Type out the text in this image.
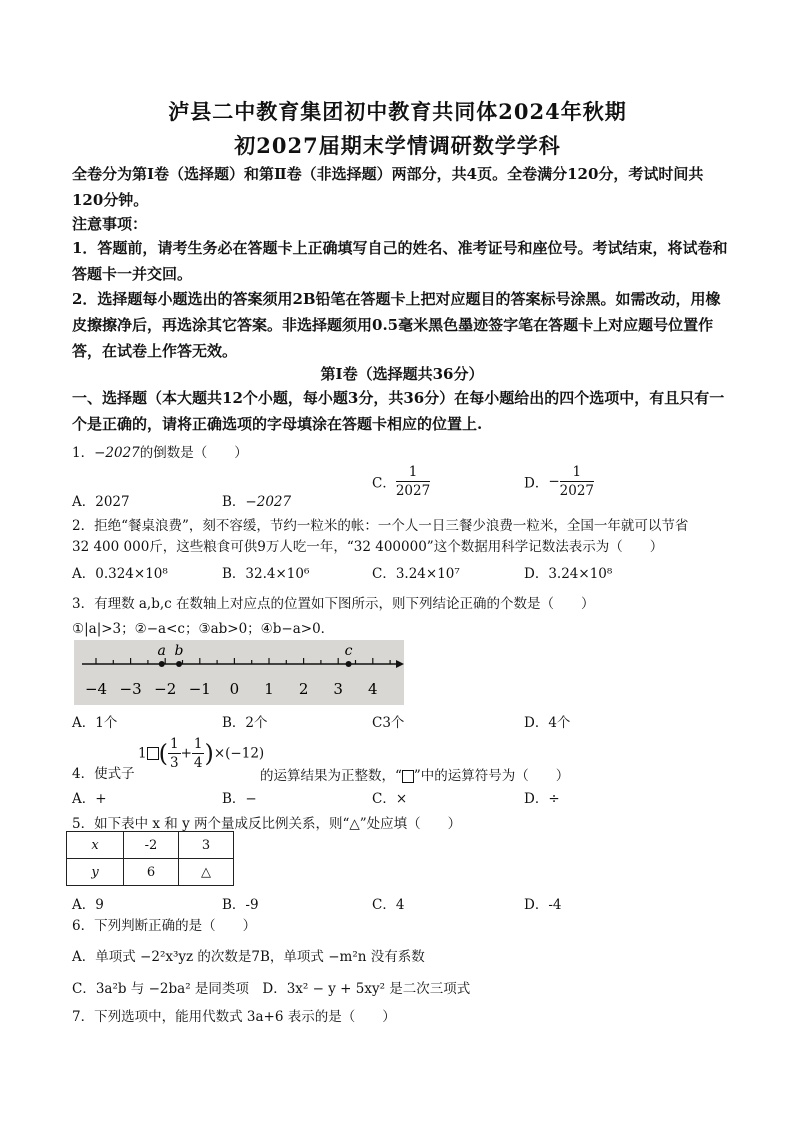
泸县二中教育集团初中教育共同体2024年秋期
初2027届期末学情调研数学学科
全卷分为第Ⅰ卷（选择题）和第Ⅱ卷（非选择题）两部分，共4页。全卷满分120分，考试时间共120分钟。
注意事项：
1．答题前，请考生务必在答题卡上正确填写自己的姓名、准考证号和座位号。考试结束，将试卷和答题卡一并交回。
2．选择题每小题选出的答案须用2B铅笔在答题卡上把对应题目的答案标号涂黑。如需改动，用橡皮擦擦净后，再选涂其它答案。非选择题须用0.5毫米黑色墨迹签字笔在答题卡上对应题号位置作答，在试卷上作答无效。
第Ⅰ卷（选择题共36分）
一、选择题（本大题共12个小题，每小题3分，共36分）在每小题给出的四个选项中，有且只有一个是正确的，请将正确选项的字母填涂在答题卡相应的位置上.
1．−2027的倒数是（　　）
A．2027	B．−2027
C． $\frac{1}{2027}$	D．− $\frac{1}{2027}$
2．拒绝“餐桌浪费”，刻不容缓，节约一粒米的帐：一个人一日三餐少浪费一粒米，全国一年就可以节省
32 400 000斤，这些粮食可供9万人吃一年，“32 400000”这个数据用科学记数法表示为（　　）
A．0.324×10⁸	B．32.4×10⁶	C．3.24×10⁷	D．3.24×10⁸
3．有理数 a,b,c 在数轴上对应点的位置如下图所示，则下列结论正确的个数是（　　）
①|a|>3；②−a<c；③ab>0；④b−a>0．
−4 −3 −2 −1 0 1 2 3 4
a b	c
A．1个	B．2个	C3个	D．4个
4．使式子
1 ( $\frac{1}{3} + \frac{1}{4} )\times(-12)$
的运算结果为正整数，“ ”中的运算符号为（　　）
A．+	B．−	C．×	D．÷
5．如下表中 x 和 y 两个量成反比例关系，则“△”处应填（　　）
x	-2	3
y	6	△
A．9	B．-9	C．4	D．-4
6．下列判断正确的是（　　）
A．单项式 −2²x³yz 的次数是7B，单项式 −m²n 没有系数
C．3a²b 与 −2ba² 是同类项　D．3x² − y + 5xy² 是二次三项式
7．下列选项中，能用代数式 3a+6 表示的是（　　）
